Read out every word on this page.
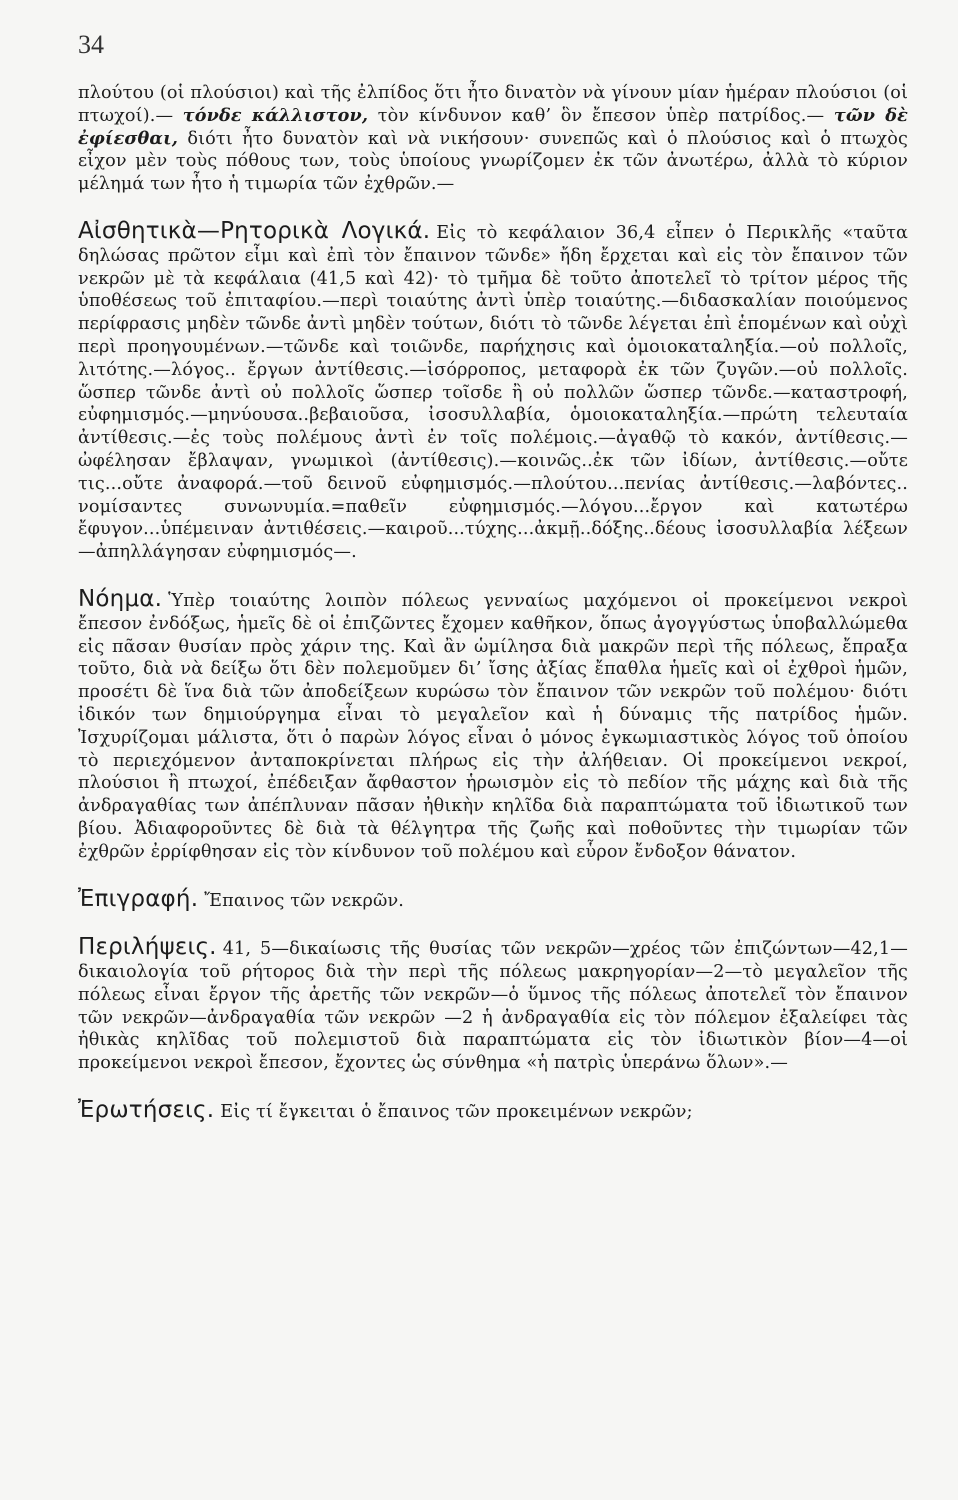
34

πλούτου (οἱ πλούσιοι) καὶ τῆς ἐλπίδος ὅτι ἦτο δινατὸν νὰ γίνουν μίαν ἡμέραν πλούσιοι (οἱ πτωχοί).— τόνδε κάλλιστον, τὸν κίνδυνον καθ’ ὃν ἔπεσον ὑπὲρ πατρίδος.— τῶν δὲ ἐφίεσθαι, διότι ἦτο δυνατὸν καὶ νὰ νικήσουν· συνεπῶς καὶ ὁ πλούσιος καὶ ὁ πτωχὸς εἶχον μὲν τοὺς πόθους των, τοὺς ὑποίους γνωρίζομεν ἐκ τῶν ἀνωτέρω, ἀλλὰ τὸ κύριον μέλημά των ἦτο ἡ τιμωρία τῶν ἐχθρῶν.—

Αἰσθητικὰ—Ρητορικὰ Λογικά. Εἰς τὸ κεφάλαιον 36,4 εἶπεν ὁ Περικλῆς «ταῦτα δηλώσας πρῶτον εἶμι καὶ ἐπὶ τὸν ἔπαινον τῶνδε» ἤδη ἔρχεται καὶ εἰς τὸν ἔπαινον τῶν νεκρῶν μὲ τὰ κεφάλαια (41,5 καὶ 42)· τὸ τμῆμα δὲ τοῦτο ἀποτελεῖ τὸ τρίτον μέρος τῆς ὑποθέσεως τοῦ ἐπιταφίου.—περὶ τοιαύτης ἀντὶ ὑπὲρ τοιαύτης.—διδασκαλίαν ποιούμενος περίφρασις μηδὲν τῶνδε ἀντὶ μηδὲν τούτων, διότι τὸ τῶνδε λέγεται ἐπὶ ἑπομένων καὶ οὐχὶ περὶ προηγουμένων.—τῶνδε καὶ τοιῶνδε, παρήχησις καὶ ὁμοιοκαταληξία.—οὐ πολλοῖς, λιτότης.—λόγος.. ἔργων ἀντίθεσις.—ἰσόρροπος, μεταφορὰ ἐκ τῶν ζυγῶν.—οὐ πολλοῖς. ὥσπερ τῶνδε ἀντὶ οὐ πολλοῖς ὥσπερ τοῖσδε ἢ οὐ πολλῶν ὥσπερ τῶνδε.—καταστροφή, εὐφημισμός.—μηνύουσα..βεβαιοῦσα, ἰσοσυλλαβία, ὁμοιοκαταληξία.—πρώτη τελευταία ἀντίθεσις.—ἐς τοὺς πολέμους ἀντὶ ἐν τοῖς πολέμοις.—ἀγαθῷ τὸ κακόν, ἀντίθεσις.—ὠφέλησαν ἔβλαψαν, γνωμικοὶ (ἀντίθεσις).—κοινῶς..ἐκ τῶν ἰδίων, ἀντίθεσις.—οὔτε τις...οὔτε ἀναφορά.—τοῦ δεινοῦ εὐφημισμός.—πλούτου...πενίας ἀντίθεσις.—λαβόντες.. νομίσαντες συνωνυμία.=παθεῖν εὐφημισμός.—λόγου...ἔργον καὶ κατωτέρω ἔφυγον...ὑπέμειναν ἀντιθέσεις.—καιροῦ...τύχης...ἀκμῇ..δόξης..δέους ἰσοσυλλαβία λέξεων —ἀπηλλάγησαν εὐφημισμός—.

Νόημα. Ὑπὲρ τοιαύτης λοιπὸν πόλεως γενναίως μαχόμενοι οἱ προκείμενοι νεκροὶ ἔπεσον ἐνδόξως, ἡμεῖς δὲ οἱ ἐπιζῶντες ἔχομεν καθῆκον, ὅπως ἀγογγύστως ὑποβαλλώμεθα εἰς πᾶσαν θυσίαν πρὸς χάριν της. Καὶ ἂν ὡμίλησα διὰ μακρῶν περὶ τῆς πόλεως, ἔπραξα τοῦτο, διὰ νὰ δείξω ὅτι δὲν πολεμοῦμεν δι’ ἴσης ἀξίας ἔπαθλα ἡμεῖς καὶ οἱ ἐχθροὶ ἡμῶν, προσέτι δὲ ἵνα διὰ τῶν ἀποδείξεων κυρώσω τὸν ἔπαινον τῶν νεκρῶν τοῦ πολέμου· διότι ἰδικόν των δημιούργημα εἶναι τὸ μεγαλεῖον καὶ ἡ δύναμις τῆς πατρίδος ἡμῶν. Ἰσχυρίζομαι μάλιστα, ὅτι ὁ παρὼν λόγος εἶναι ὁ μόνος ἐγκωμιαστικὸς λόγος τοῦ ὁποίου τὸ περιεχόμενον ἀνταποκρίνεται πλήρως εἰς τὴν ἀλήθειαν. Οἱ προκείμενοι νεκροί, πλούσιοι ἢ πτωχοί, ἐπέδειξαν ἄφθαστον ἡρωισμὸν εἰς τὸ πεδίον τῆς μάχης καὶ διὰ τῆς ἀνδραγαθίας των ἀπέπλυναν πᾶσαν ἠθικὴν κηλῖδα διὰ παραπτώματα τοῦ ἰδιωτικοῦ των βίου. Ἀδιαφοροῦντες δὲ διὰ τὰ θέλγητρα τῆς ζωῆς καὶ ποθοῦντες τὴν τιμωρίαν τῶν ἐχθρῶν ἐρρίφθησαν εἰς τὸν κίνδυνον τοῦ πολέμου καὶ εὗρον ἔνδοξον θάνατον.

Ἐπιγραφή. Ἔπαινος τῶν νεκρῶν.

Περιλήψεις. 41, 5—δικαίωσις τῆς θυσίας τῶν νεκρῶν—χρέος τῶν ἐπιζώντων—42,1—δικαιολογία τοῦ ρήτορος διὰ τὴν περὶ τῆς πόλεως μακρηγορίαν—2—τὸ μεγαλεῖον τῆς πόλεως εἶναι ἔργον τῆς ἀρετῆς τῶν νεκρῶν—ὁ ὕμνος τῆς πόλεως ἀποτελεῖ τὸν ἔπαινον τῶν νεκρῶν—ἀνδραγαθία τῶν νεκρῶν —2 ἡ ἀνδραγαθία εἰς τὸν πόλεμον ἐξαλείφει τὰς ἠθικὰς κηλῖδας τοῦ πολεμιστοῦ διὰ παραπτώματα εἰς τὸν ἰδιωτικὸν βίον—4—οἱ προκείμενοι νεκροὶ ἔπεσον, ἔχοντες ὡς σύνθημα «ἡ πατρὶς ὑπεράνω ὅλων».—

Ἐρωτήσεις. Εἰς τί ἔγκειται ὁ ἔπαινος τῶν προκειμένων νεκρῶν;
